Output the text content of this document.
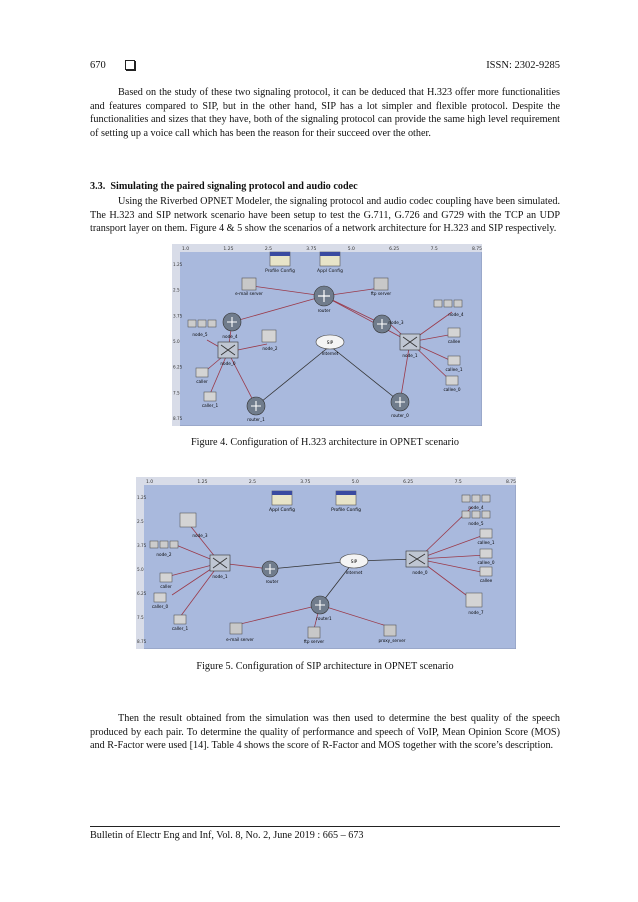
670	ISSN: 2302-9285

Based on the study of these two signaling protocol, it can be deduced that H.323 offer more functionalities and features compared to SIP, but in the other hand, SIP has a lot simpler and flexible protocol. Despite the functionalities and sizes that they have, both of the signaling protocol can provide the same high level requirement of setting up a voice call which has been the reason for their succeed over the other.

3.3. Simulating the paired signaling protocol and audio codec

Using the Riverbed OPNET Modeler, the signaling protocol and audio codec coupling have been simulated. The H.323 and SIP network scenario have been setup to test the G.711, G.726 and G729 with the TCP an UDP transport layer on them. Figure 4 & 5 show the scenarios of a network architecture for H.323 and SIP respectively.

Profile Config	Appl Config
e-mail server	ftp server
router
node_4
router_1
router_0
node_3
node_0
node_1
SIP
Internet
node_5
node_2
caller
caller_1
node_4
callee
callee_1
callee_0
1.0	1.25	2.5	3.75	5.0	6.25	7.5	8.75
1.25
2.5
3.75
5.0
6.25
7.5
8.75
Figure 4. Configuration of H.323 architecture in OPNET scenario
Appl Config	Profile Config
node_3
node_2
caller
caller_0
caller_1
node_1
router
SIP
Internet	node_0
router1
e-mail server	ftp server	proxy_server
node_4
node_5
callee_1
callee_0
callee
node_7
1.0	1.25	2.5	3.75	5.0	6.25	7.5	8.75
1.25
2.5
3.75
5.0
6.25
7.5
8.75
Figure 5. Configuration of SIP architecture in OPNET scenario

Then the result obtained from the simulation was then used to determine the best quality of the speech produced by each pair. To determine the quality of performance and speech of VoIP, Mean Opinion Score (MOS) and R-Factor were used [14]. Table 4 shows the score of R-Factor and MOS together with the score’s description.

Bulletin of Electr Eng and Inf, Vol. 8, No. 2, June 2019 : 665 – 673
